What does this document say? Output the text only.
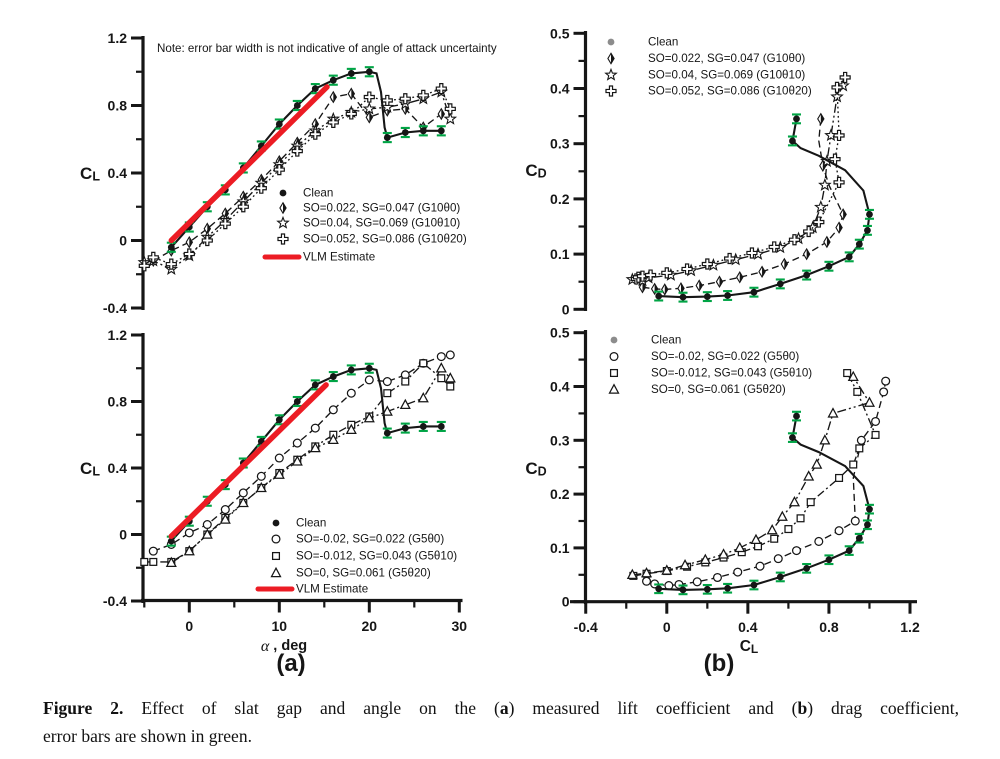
-0.4
0
0.4
0.8
1.2
$C_L$
Note: error bar width is not indicative of angle of attack uncertainty
Clean
SO=0.022, SG=0.047 (G10θ0)
SO=0.04, SG=0.069 (G10θ10)
SO=0.052, SG=0.086 (G10θ20)
VLM Estimate
0
0.1
0.2
0.3
0.4
0.5
$C_D$
Clean
SO=0.022, SG=0.047 (G10θ0)
SO=0.04, SG=0.069 (G10θ10)
SO=0.052, SG=0.086 (G10θ20)
-0.4
0
0.4
0.8
1.2
$C_L$
0	10	20	30
α , deg
Clean
SO=-0.02, SG=0.022 (G5θ0)
SO=-0.012, SG=0.043 (G5θ10)
SO=0, SG=0.061 (G5θ20)
VLM Estimate
(a)
0
0.1
0.2
0.3
0.4
0.5
$C_D$
-0.4	0	0.4	0.8	1.2
CL
Clean
SO=-0.02, SG=0.022 (G5θ0)
SO=-0.012, SG=0.043 (G5θ10)
SO=0, SG=0.061 (G5θ20)
(b)
Figure 2. Effect of slat gap and angle on the (a) measured lift coefficient and (b) drag coefficient,
error bars are shown in green.
